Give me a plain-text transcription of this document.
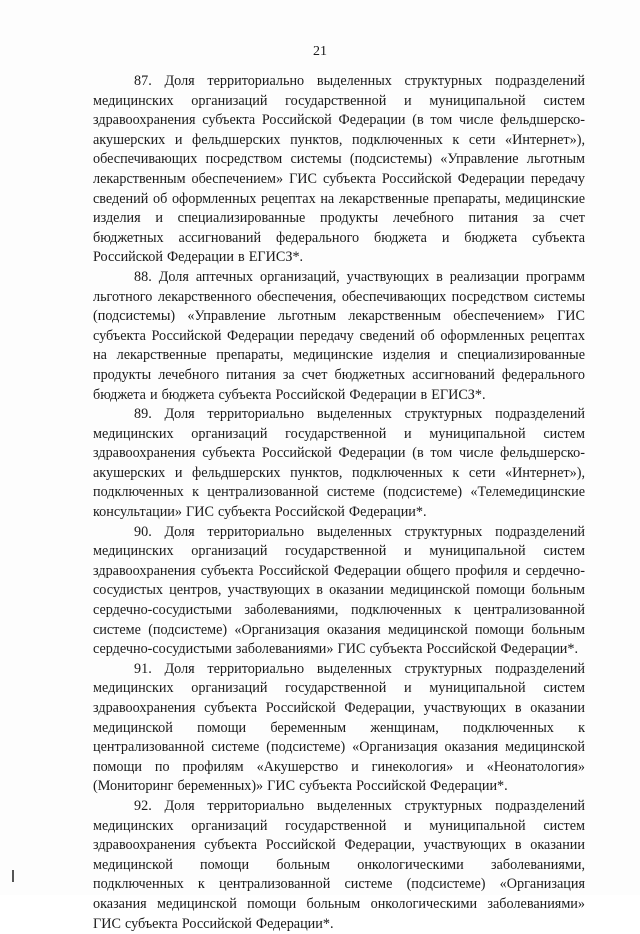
21

87. Доля территориально выделенных структурных подразделений медицинских организаций государственной и муниципальной систем здравоохранения субъекта Российской Федерации (в том числе фельдшерско-акушерских и фельдшерских пунктов, подключенных к сети «Интернет»), обеспечивающих посредством системы (подсистемы) «Управление льготным лекарственным обеспечением» ГИС субъекта Российской Федерации передачу сведений об оформленных рецептах на лекарственные препараты, медицинские изделия и специализированные продукты лечебного питания за счет бюджетных ассигнований федерального бюджета и бюджета субъекта Российской Федерации в ЕГИСЗ*.

88. Доля аптечных организаций, участвующих в реализации программ льготного лекарственного обеспечения, обеспечивающих посредством системы (подсистемы) «Управление льготным лекарственным обеспечением» ГИС субъекта Российской Федерации передачу сведений об оформленных рецептах на лекарственные препараты, медицинские изделия и специализированные продукты лечебного питания за счет бюджетных ассигнований федерального бюджета и бюджета субъекта Российской Федерации в ЕГИСЗ*.

89. Доля территориально выделенных структурных подразделений медицинских организаций государственной и муниципальной систем здравоохранения субъекта Российской Федерации (в том числе фельдшерско-акушерских и фельдшерских пунктов, подключенных к сети «Интернет»), подключенных к централизованной системе (подсистеме) «Телемедицинские консультации» ГИС субъекта Российской Федерации*.

90. Доля территориально выделенных структурных подразделений медицинских организаций государственной и муниципальной систем здравоохранения субъекта Российской Федерации общего профиля и сердечно-сосудистых центров, участвующих в оказании медицинской помощи больным сердечно-сосудистыми заболеваниями, подключенных к централизованной системе (подсистеме) «Организация оказания медицинской помощи больным сердечно-сосудистыми заболеваниями» ГИС субъекта Российской Федерации*.

91. Доля территориально выделенных структурных подразделений медицинских организаций государственной и муниципальной систем здравоохранения субъекта Российской Федерации, участвующих в оказании медицинской помощи беременным женщинам, подключенных к централизованной системе (подсистеме) «Организация оказания медицинской помощи по профилям «Акушерство и гинекология» и «Неонатология» (Мониторинг беременных)» ГИС субъекта Российской Федерации*.

92. Доля территориально выделенных структурных подразделений медицинских организаций государственной и муниципальной систем здравоохранения субъекта Российской Федерации, участвующих в оказании медицинской помощи больным онкологическими заболеваниями, подключенных к централизованной системе (подсистеме) «Организация оказания медицинской помощи больным онкологическими заболеваниями» ГИС субъекта Российской Федерации*.
